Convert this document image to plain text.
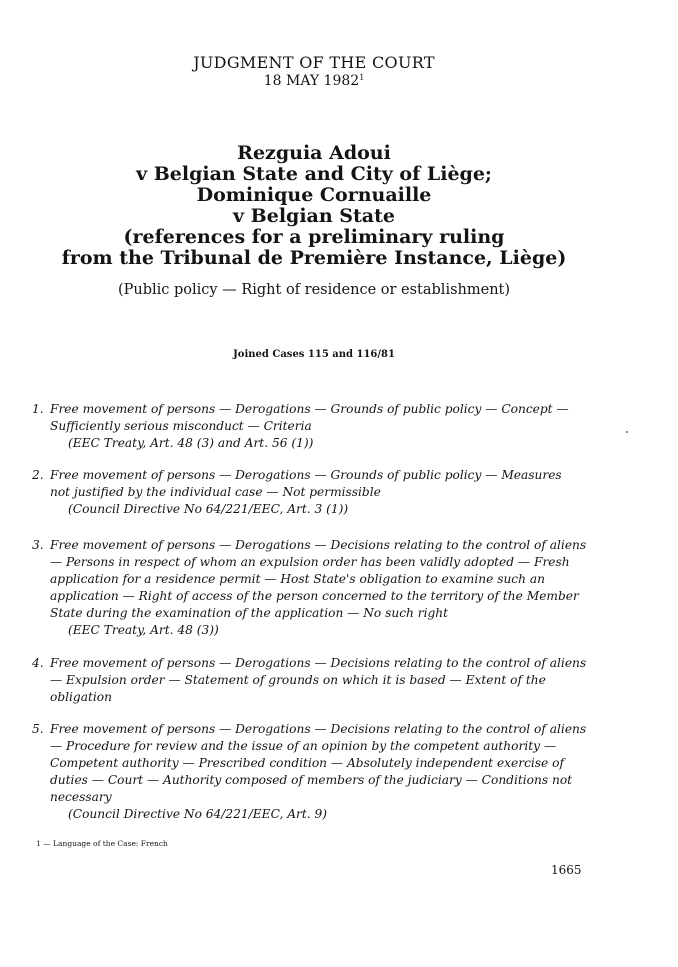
JUDGMENT OF THE COURT
18 MAY 1982$^1$
Rezguia Adoui
v Belgian State and City of Liège;
Dominique Cornuaille
v Belgian State
(references for a preliminary ruling
from the Tribunal de Première Instance, Liège)
(Public policy — Right of residence or establishment)
Joined Cases 115 and 116/81
1. Free movement of persons — Derogations — Grounds of public policy — Concept —
Sufficiently serious misconduct — Criteria
(EEC Treaty, Art. 48 (3) and Art. 56 (1))
2. Free movement of persons — Derogations — Grounds of public policy — Measures
not justified by the individual case — Not permissible
(Council Directive No 64/221/EEC, Art. 3 (1))
3. Free movement of persons — Derogations — Decisions relating to the control of aliens
— Persons in respect of whom an expulsion order has been validly adopted — Fresh
application for a residence permit — Host State's obligation to examine such an
application — Right of access of the person concerned to the territory of the Member
State during the examination of the application — No such right
(EEC Treaty, Art. 48 (3))
4. Free movement of persons — Derogations — Decisions relating to the control of aliens
— Expulsion order — Statement of grounds on which it is based — Extent of the
obligation
5. Free movement of persons — Derogations — Decisions relating to the control of aliens
— Procedure for review and the issue of an opinion by the competent authority —
Competent authority — Prescribed condition — Absolutely independent exercise of
duties — Court — Authority composed of members of the judiciary — Conditions not
necessary
(Council Directive No 64/221/EEC, Art. 9)
1 — Language of the Case: French
1665
